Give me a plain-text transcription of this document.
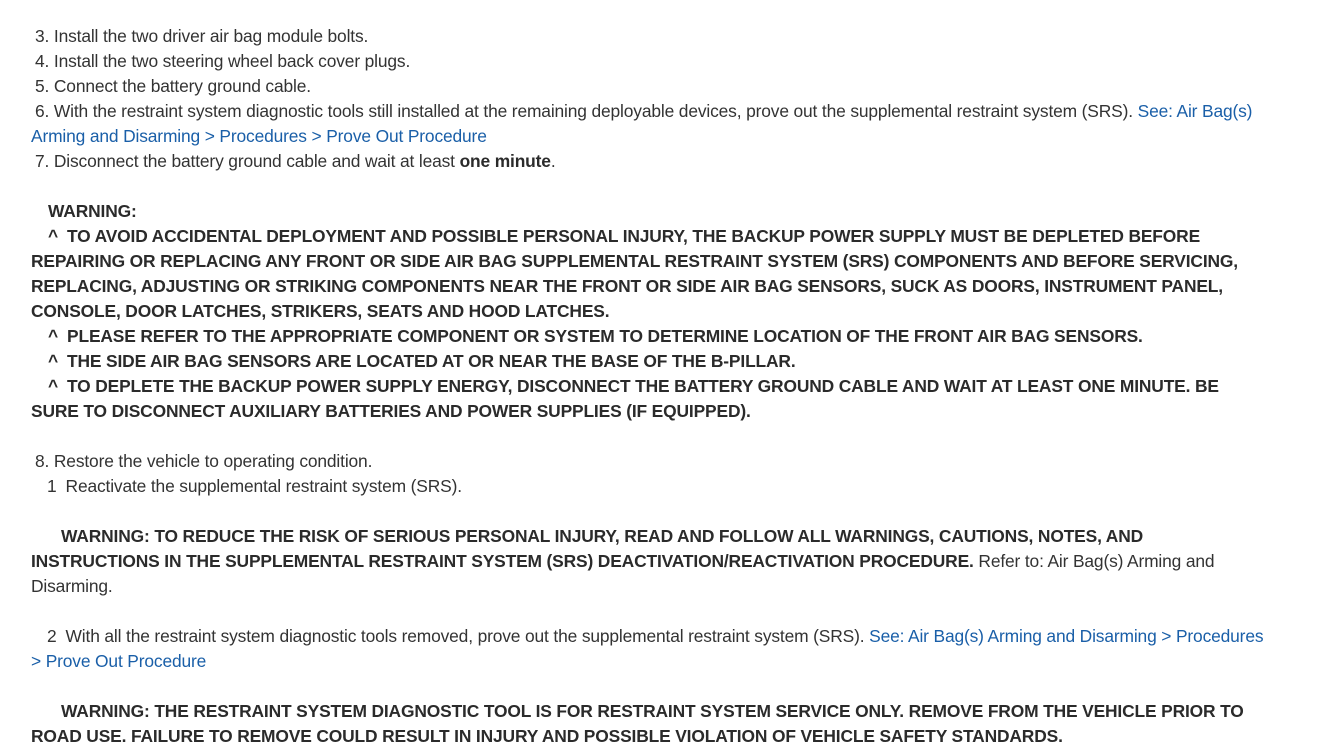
3. Install the two driver air bag module bolts.
4. Install the two steering wheel back cover plugs.
5. Connect the battery ground cable.
6. With the restraint system diagnostic tools still installed at the remaining deployable devices, prove out the supplemental restraint system (SRS). See: Air Bag(s) Arming and Disarming > Procedures > Prove Out Procedure
7. Disconnect the battery ground cable and wait at least one minute.
WARNING:
^ TO AVOID ACCIDENTAL DEPLOYMENT AND POSSIBLE PERSONAL INJURY, THE BACKUP POWER SUPPLY MUST BE DEPLETED BEFORE REPAIRING OR REPLACING ANY FRONT OR SIDE AIR BAG SUPPLEMENTAL RESTRAINT SYSTEM (SRS) COMPONENTS AND BEFORE SERVICING, REPLACING, ADJUSTING OR STRIKING COMPONENTS NEAR THE FRONT OR SIDE AIR BAG SENSORS, SUCK AS DOORS, INSTRUMENT PANEL, CONSOLE, DOOR LATCHES, STRIKERS, SEATS AND HOOD LATCHES.
^ PLEASE REFER TO THE APPROPRIATE COMPONENT OR SYSTEM TO DETERMINE LOCATION OF THE FRONT AIR BAG SENSORS.
^ THE SIDE AIR BAG SENSORS ARE LOCATED AT OR NEAR THE BASE OF THE B-PILLAR.
^ TO DEPLETE THE BACKUP POWER SUPPLY ENERGY, DISCONNECT THE BATTERY GROUND CABLE AND WAIT AT LEAST ONE MINUTE. BE SURE TO DISCONNECT AUXILIARY BATTERIES AND POWER SUPPLIES (IF EQUIPPED).
8. Restore the vehicle to operating condition.
1 Reactivate the supplemental restraint system (SRS).
WARNING: TO REDUCE THE RISK OF SERIOUS PERSONAL INJURY, READ AND FOLLOW ALL WARNINGS, CAUTIONS, NOTES, AND INSTRUCTIONS IN THE SUPPLEMENTAL RESTRAINT SYSTEM (SRS) DEACTIVATION/REACTIVATION PROCEDURE. Refer to: Air Bag(s) Arming and Disarming.
2 With all the restraint system diagnostic tools removed, prove out the supplemental restraint system (SRS). See: Air Bag(s) Arming and Disarming > Procedures > Prove Out Procedure
WARNING: THE RESTRAINT SYSTEM DIAGNOSTIC TOOL IS FOR RESTRAINT SYSTEM SERVICE ONLY. REMOVE FROM THE VEHICLE PRIOR TO ROAD USE. FAILURE TO REMOVE COULD RESULT IN INJURY AND POSSIBLE VIOLATION OF VEHICLE SAFETY STANDARDS.
